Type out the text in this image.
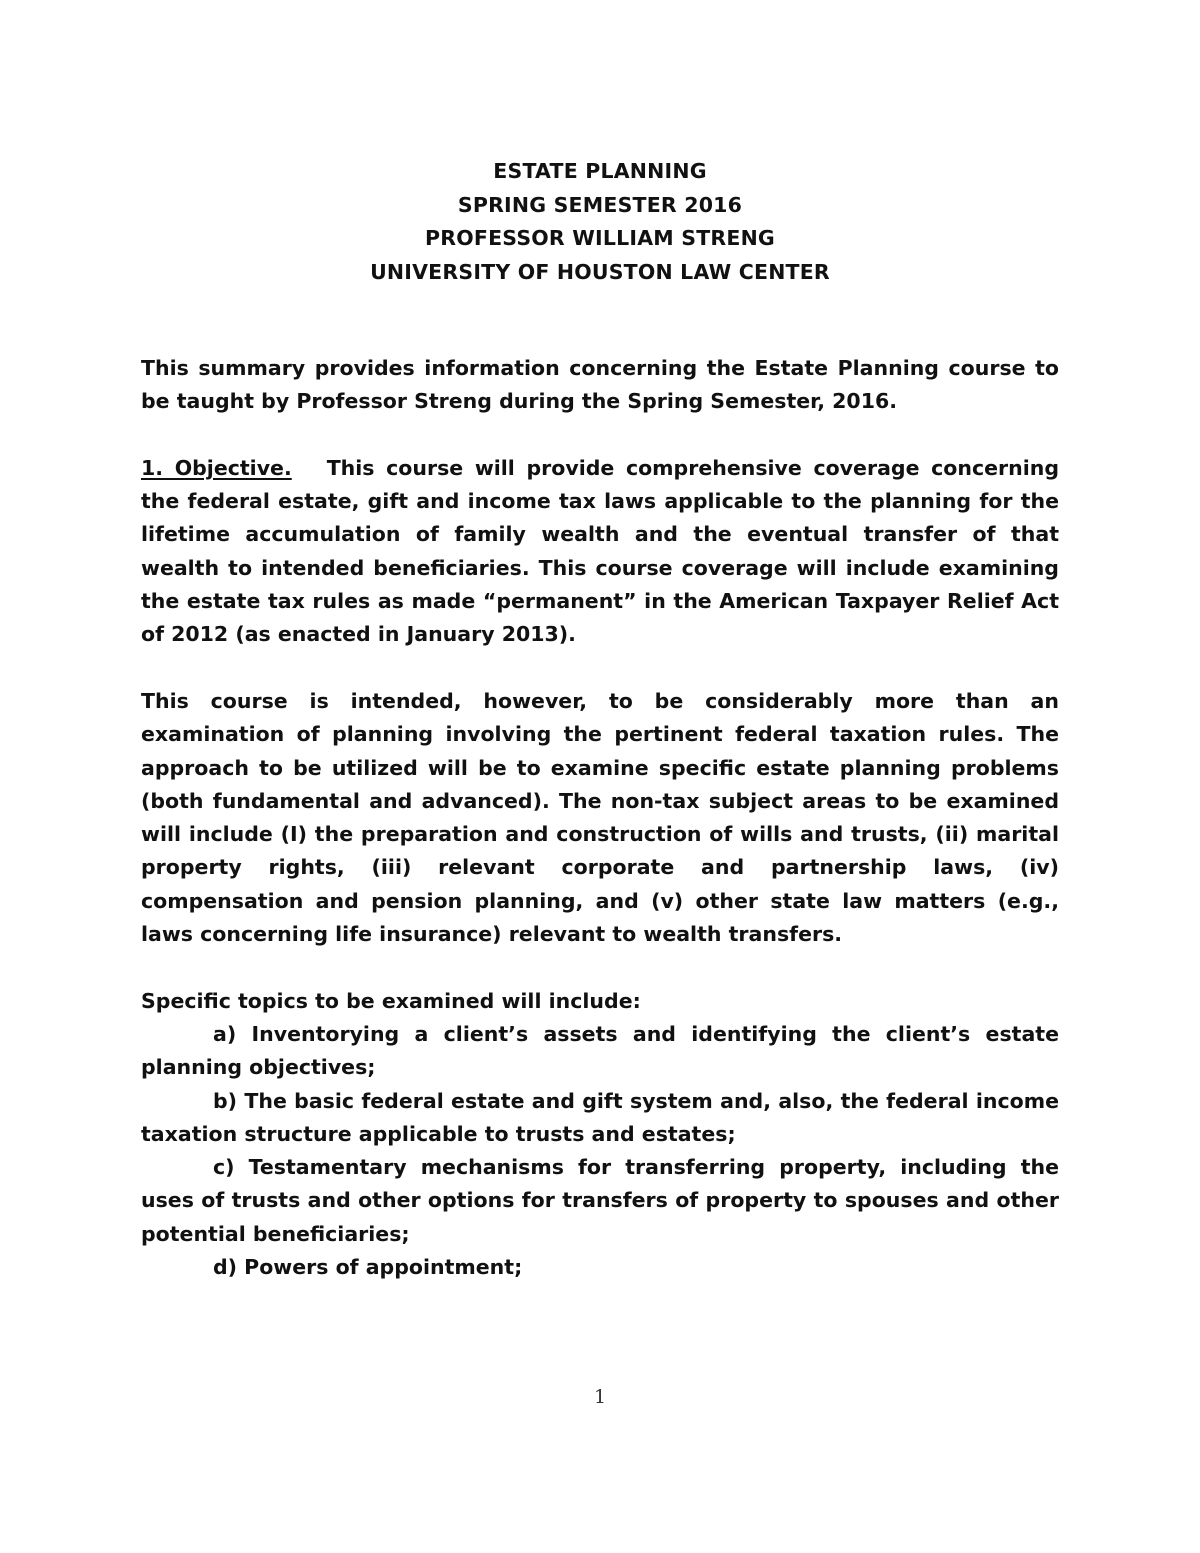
ESTATE PLANNING
SPRING SEMESTER 2016
PROFESSOR WILLIAM STRENG
UNIVERSITY OF HOUSTON LAW CENTER

This summary provides information concerning the Estate Planning course to be taught by Professor Streng during the Spring Semester, 2016.

1. Objective. This course will provide comprehensive coverage concerning the federal estate, gift and income tax laws applicable to the planning for the lifetime accumulation of family wealth and the eventual transfer of that wealth to intended beneficiaries. This course coverage will include examining the estate tax rules as made “permanent” in the American Taxpayer Relief Act of 2012 (as enacted in January 2013).

This course is intended, however, to be considerably more than an examination of planning involving the pertinent federal taxation rules. The approach to be utilized will be to examine specific estate planning problems (both fundamental and advanced). The non-tax subject areas to be examined will include (I) the preparation and construction of wills and trusts, (ii) marital property rights, (iii) relevant corporate and partnership laws, (iv) compensation and pension planning, and (v) other state law matters (e.g., laws concerning life insurance) relevant to wealth transfers.

Specific topics to be examined will include:
a) Inventorying a client’s assets and identifying the client’s estate planning objectives;
b) The basic federal estate and gift system and, also, the federal income taxation structure applicable to trusts and estates;
c) Testamentary mechanisms for transferring property, including the uses of trusts and other options for transfers of property to spouses and other potential beneficiaries;
d) Powers of appointment;
1
